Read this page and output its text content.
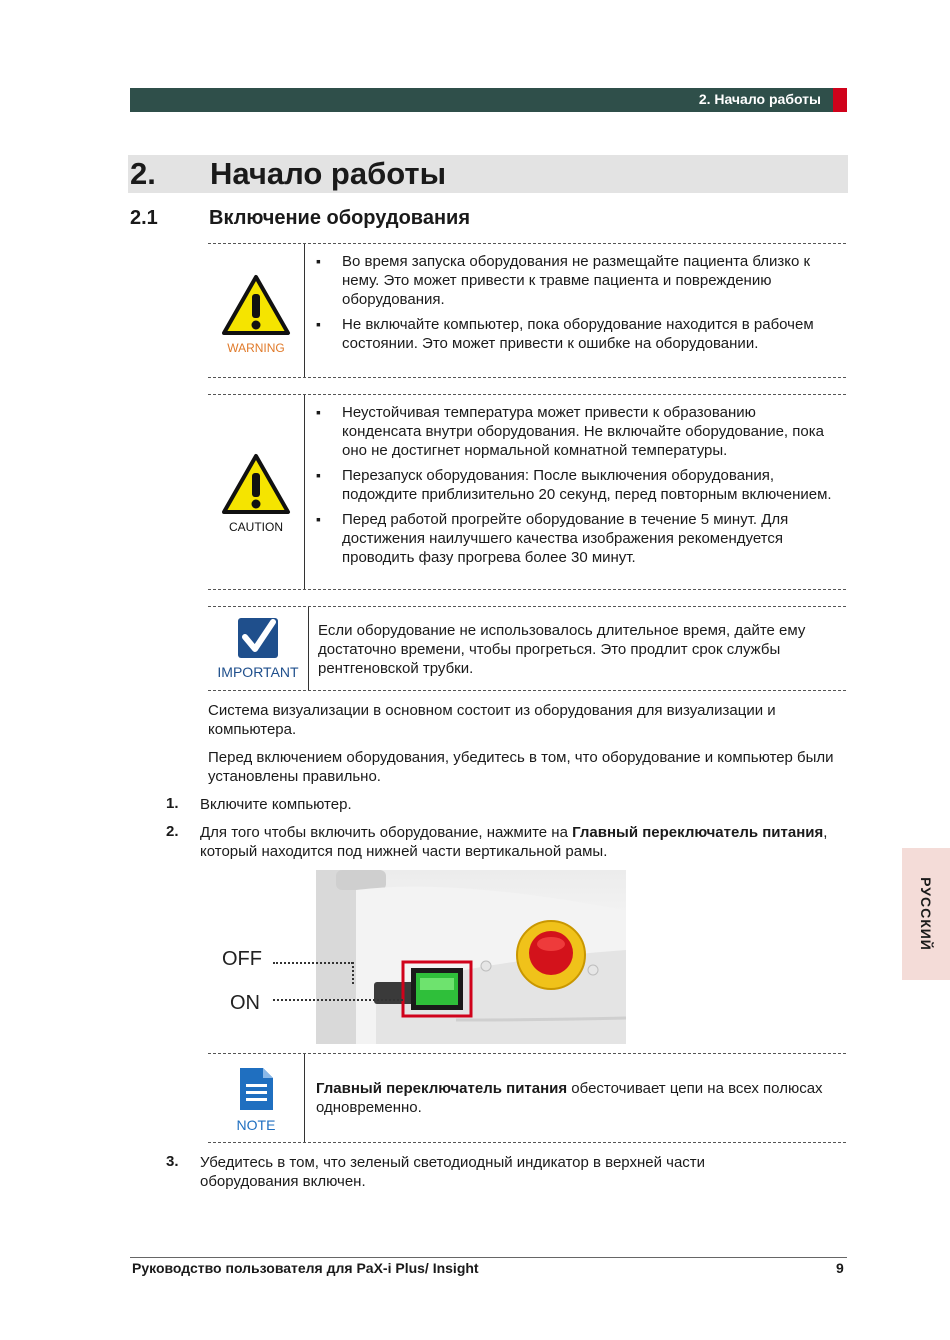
2. Начало работы
2. Начало работы
2.1	Включение оборудования
WARNING
▪ Во время запуска оборудования не размещайте пациента близко к нему. Это может привести к травме пациента и повреждению оборудования.
▪ Не включайте компьютер, пока оборудование находится в рабочем состоянии. Это может привести к ошибке на оборудовании.
CAUTION
▪ Неустойчивая температура может привести к образованию конденсата внутри оборудования. Не включайте оборудование, пока оно не достигнет нормальной комнатной температуры.
▪ Перезапуск оборудования: После выключения оборудования, подождите приблизительно 20 секунд, перед повторным включением.
▪ Перед работой прогрейте оборудование в течение 5 минут. Для достижения наилучшего качества изображения рекомендуется проводить фазу прогрева более 30 минут.
IMPORTANT
Если оборудование не использовалось длительное время, дайте ему достаточно времени, чтобы прогреться. Это продлит срок службы рентгеновской трубки.
Система визуализации в основном состоит из оборудования для визуализации и компьютера.
Перед включением оборудования, убедитесь в том, что оборудование и компьютер были установлены правильно.
1. Включите компьютер.
2. Для того чтобы включить оборудование, нажмите на Главный переключатель питания, который находится под нижней части вертикальной рамы.
OFF
ON
NOTE
Главный переключатель питания обесточивает цепи на всех полюсах одновременно.
3. Убедитесь в том, что зеленый светодиодный индикатор в верхней части оборудования включен.
Руководство пользователя для PaX-i Plus/ Insight	9
РУССКИЙ
